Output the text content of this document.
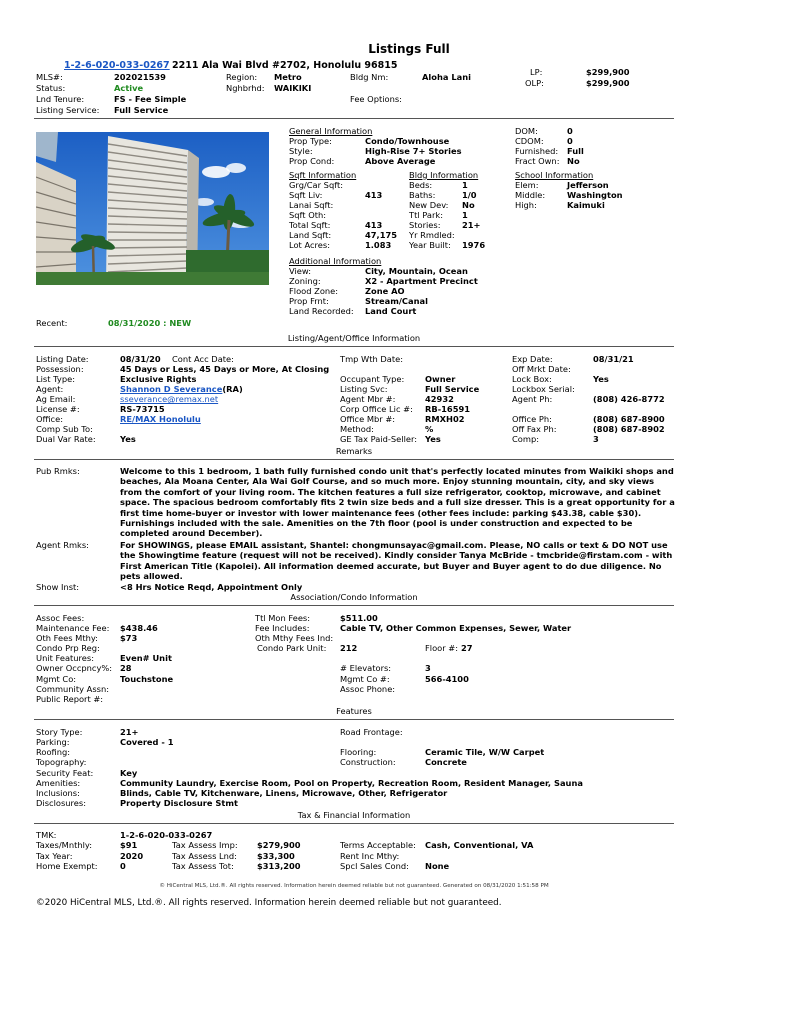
Listings Full
1-2-6-020-033-0267 2211 Ala Wai Blvd #2702, Honolulu 96815
MLS#:	202021539
Status:	Active
Lnd Tenure:	FS - Fee Simple
Listing Service: Full Service
Region: Metro
Nghbrhd: WAIKIKI
Bldg Nm:	Aloha Lani
Fee Options:
LP:	$299,900
OLP:	$299,900
General Information
Prop Type:	Condo/Townhouse
Style:	High-Rise 7+ Stories
Prop Cond:	Above Average
Sqft Information
Grg/Car Sqft:
Sqft Liv:	413
Lanai Sqft:
Sqft Oth:
Total Sqft:	413
Land Sqft:	47,175
Lot Acres:	1.083
Bldg Information
Beds:	1
Baths:	1/0
New Dev: No
Ttl Park: 1
Stories:	21+
Yr Rmdled:
Year Built: 1976
DOM:	0
CDOM:	0
Furnished: Full
Fract Own: No
School Information
Elem:	Jefferson
Middle:	Washington
High:	Kaimuki
Additional Information
View:	City, Mountain, Ocean
Zoning:	X2 - Apartment Precinct
Flood Zone:	Zone AO
Prop Frnt:	Stream/Canal
Land Recorded: Land Court
Recent:	08/31/2020 : NEW
Listing/Agent/Office Information
Listing Date:	08/31/20 Cont Acc Date:
Possession:	45 Days or Less, 45 Days or More, At Closing
List Type:	Exclusive Rights
Agent:	Shannon D Severance(RA)
Ag Email:	sseverance@remax.net
License #:	RS-73715
Office:	RE/MAX Honolulu
Comp Sub To:
Dual Var Rate:	Yes
Tmp Wth Date:
Occupant Type: Owner
Listing Svc:	Full Service
Agent Mbr #:	42932
Corp Office Lic #: RB-16591
Office Mbr #:	RMXH02
Method:	%
GE Tax Paid-Seller: Yes
Exp Date:	08/31/21
Off Mrkt Date:
Lock Box:	Yes
Lockbox Serial:
Agent Ph:	(808) 426-8772
Office Ph:	(808) 687-8900
Off Fax Ph:	(808) 687-8902
Comp:	3
Remarks
Pub Rmks:	Welcome to this 1 bedroom, 1 bath fully furnished condo unit that's perfectly located minutes from Waikiki shops and beaches, Ala Moana Center, Ala Wai Golf Course, and so much more. Enjoy stunning mountain, city, and sky views from the comfort of your living room. The kitchen features a full size refrigerator, cooktop, microwave, and cabinet space. The spacious bedroom comfortably fits 2 twin size beds and a full size dresser. This is a great opportunity for a first time home-buyer or investor with lower maintenance fees (other fees include: parking $43.38, cable $30). Furnishings included with the sale. Amenities on the 7th floor (pool is under construction and expected to be completed around December).
Agent Rmks:	For SHOWINGS, please EMAIL assistant, Shantel: chongmunsayac@gmail.com. Please, NO calls or text & DO NOT use the Showingtime feature (request will not be received). Kindly consider Tanya McBride - tmcbride@firstam.com - with First American Title (Kapolei). All information deemed accurate, but Buyer and Buyer agent to do due diligence. No pets allowed.
Show Inst:	<8 Hrs Notice Reqd, Appointment Only
Association/Condo Information
Assoc Fees:
Maintenance Fee: $438.46
Oth Fees Mthy:	$73
Condo Prp Reg:
Unit Features:	Even# Unit
Owner Occpncy%: 28
Mgmt Co:	Touchstone
Community Assn:
Public Report #:
Ttl Mon Fees:	$511.00
Fee Includes:	Cable TV, Other Common Expenses, Sewer, Water
Oth Mthy Fees Ind:
Condo Park Unit: 212	Floor #: 27
# Elevators:	3
Mgmt Co #:	566-4100
Assoc Phone:
Features
Story Type:	21+
Parking:	Covered - 1
Roofing:
Topography:
Security Feat:	Key
Amenities:	Community Laundry, Exercise Room, Pool on Property, Recreation Room, Resident Manager, Sauna
Inclusions:	Blinds, Cable TV, Kitchenware, Linens, Microwave, Other, Refrigerator
Disclosures:	Property Disclosure Stmt
Road Frontage:
Flooring:	Ceramic Tile, W/W Carpet
Construction:	Concrete
Tax & Financial Information
TMK:	1-2-6-020-033-0267
Taxes/Mnthly:	$91
Tax Year:	2020
Home Exempt:	0
Tax Assess Imp: $279,900
Tax Assess Lnd: $33,300
Tax Assess Tot:	$313,200
Terms Acceptable: Cash, Conventional, VA
Rent Inc Mthy:
Spcl Sales Cond: None
© HiCentral MLS, Ltd.®. All rights reserved. Information herein deemed reliable but not guaranteed. Generated on 08/31/2020 1:51:58 PM
©2020 HiCentral MLS, Ltd.®. All rights reserved. Information herein deemed reliable but not guaranteed.
